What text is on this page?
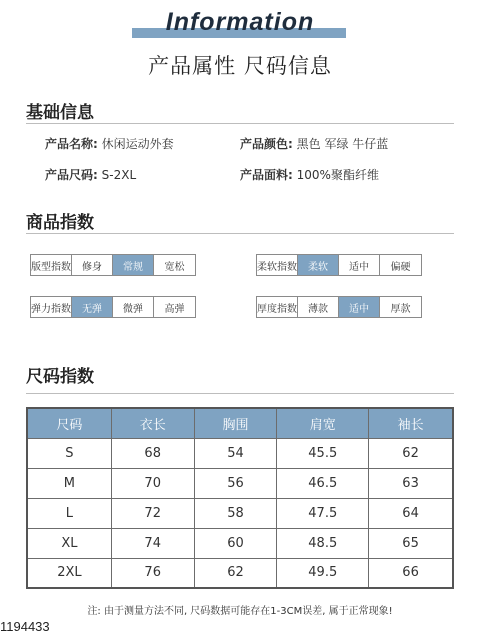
Information
产品属性 尺码信息
基础信息
产品名称: 休闲运动外套	产品颜色: 黑色 军绿 牛仔蓝
产品尺码: S-2XL	产品面料: 100%聚酯纤维
商品指数
版型指数	修身	常规	宽松	柔软指数	柔软	适中	偏硬
弹力指数	无弹	微弹	高弹	厚度指数	薄款	适中	厚款
尺码指数
尺码	衣长	胸围	肩宽	袖长
S	68	54	45.5	62
M	70	56	46.5	63
L	72	58	47.5	64
XL	74	60	48.5	65
2XL	76	62	49.5	66
注: 由于测量方法不同, 尺码数据可能存在1-3CM误差, 属于正常现象!
1194433
